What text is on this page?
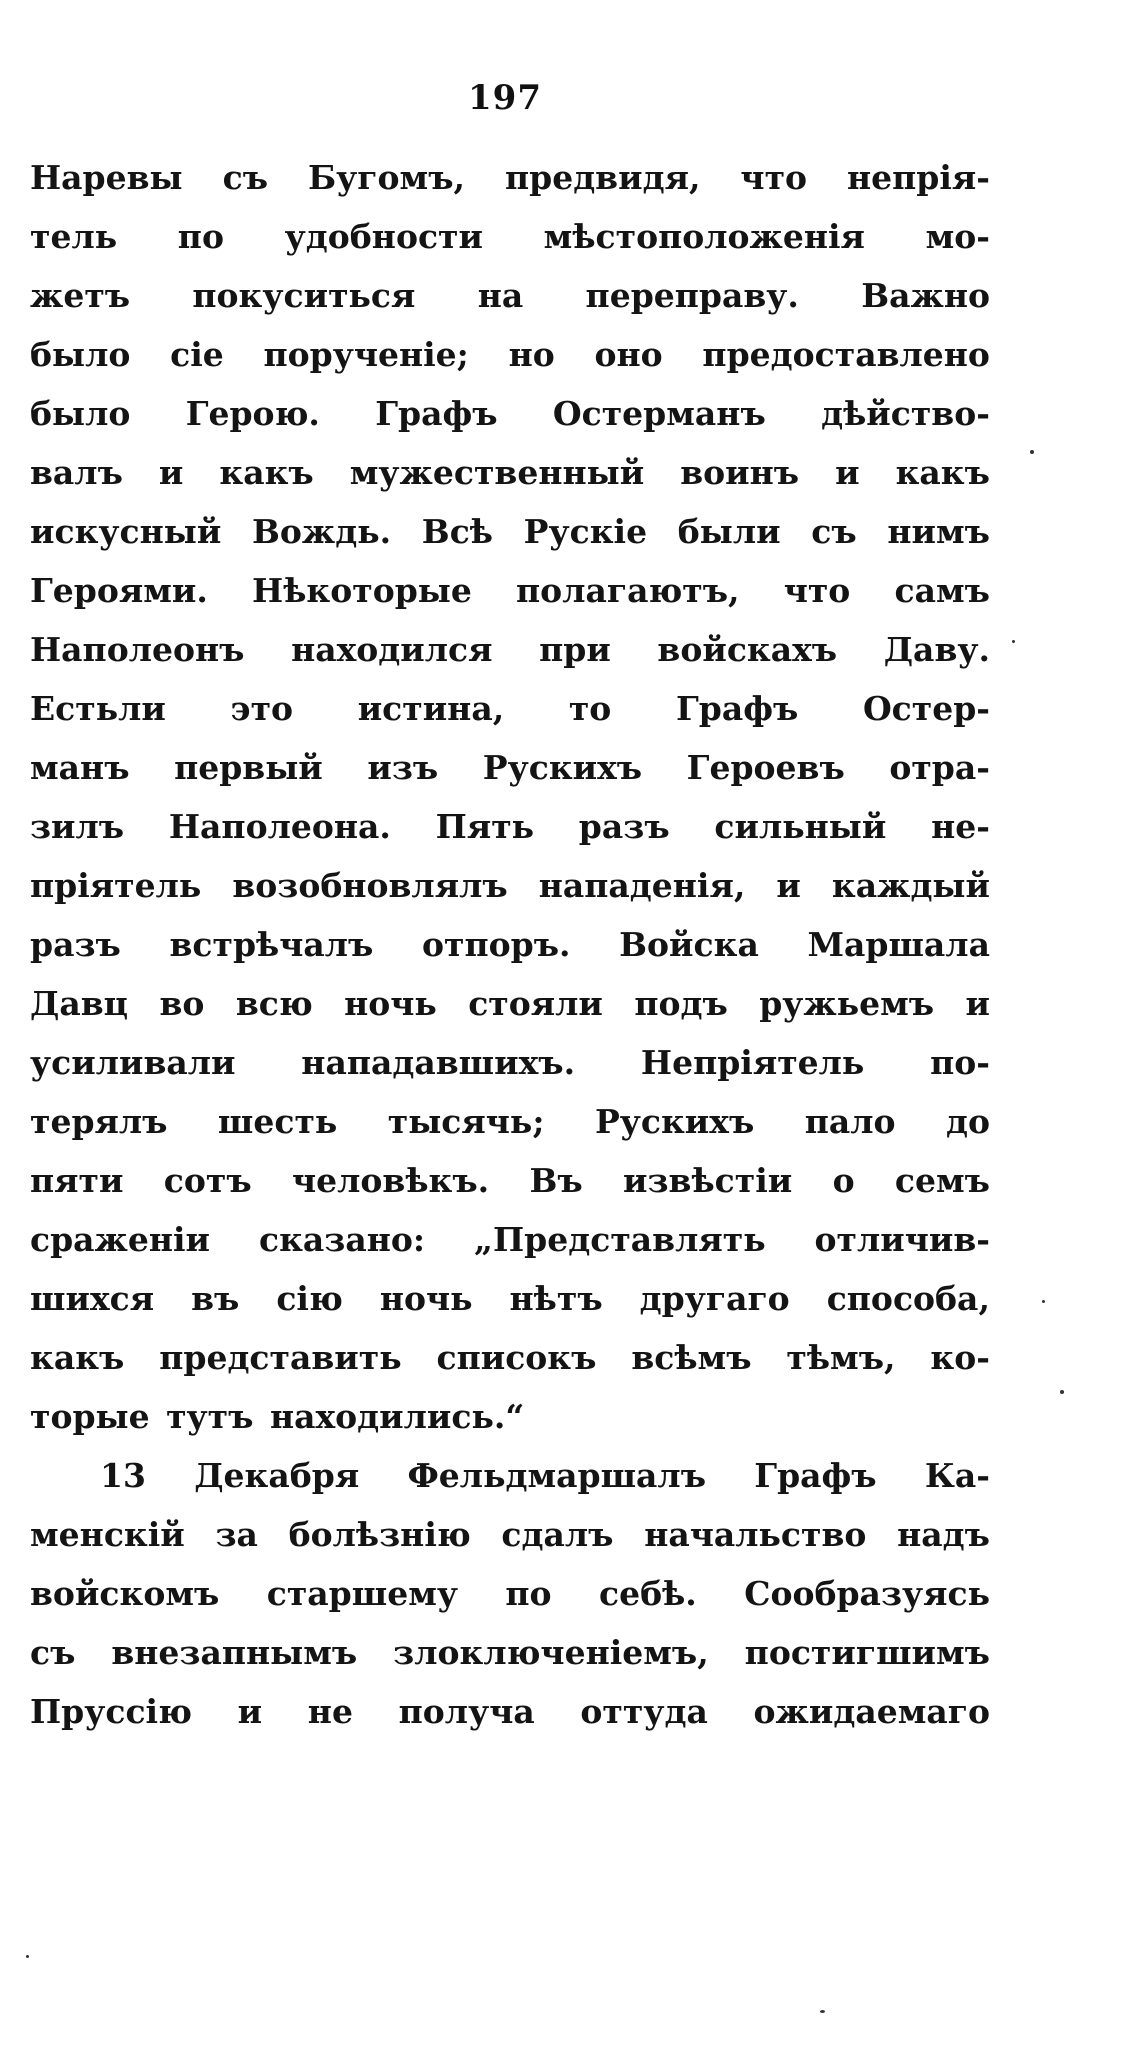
197
Наревы съ Бугомъ, предвидя, что непрія-
тель по удобности мѣстоположенія мо-
жетъ покуситься на переправу. Важно
было сіе порученіе; но оно предоставлено
было Герою. Графъ Остерманъ дѣйство-
валъ и какъ мужественный воинъ и какъ
искусный Вождь. Всѣ Рускіе были съ нимъ
Героями. Нѣкоторые полагаютъ, что самъ
Наполеонъ находился при войскахъ Даву.
Естьли это истина, то Графъ Остер-
манъ первый изъ Рускихъ Героевъ отра-
зилъ Наполеона. Пять разъ сильный не-
пріятель возобновлялъ нападенія, и каждый
разъ встрѣчалъ отпоръ. Войска Маршала
Давц во всю ночь стояли подъ ружьемъ и
усиливали нападавшихъ. Непріятель по-
терялъ шесть тысячь; Рускихъ пало до
пяти сотъ человѣкъ. Въ извѣстіи о семъ
сраженіи сказано: „Представлять отличив-
шихся въ сію ночь нѣтъ другаго способа,
какъ представить списокъ всѣмъ тѣмъ, ко-
торые тутъ находились.“
13 Декабря Фельдмаршалъ Графъ Ка-
менскій за болѣзнію сдалъ начальство надъ
войскомъ старшему по себѣ. Сообразуясь
съ внезапнымъ злоключеніемъ, постигшимъ
Пруссію и не получа оттуда ожидаемаго
